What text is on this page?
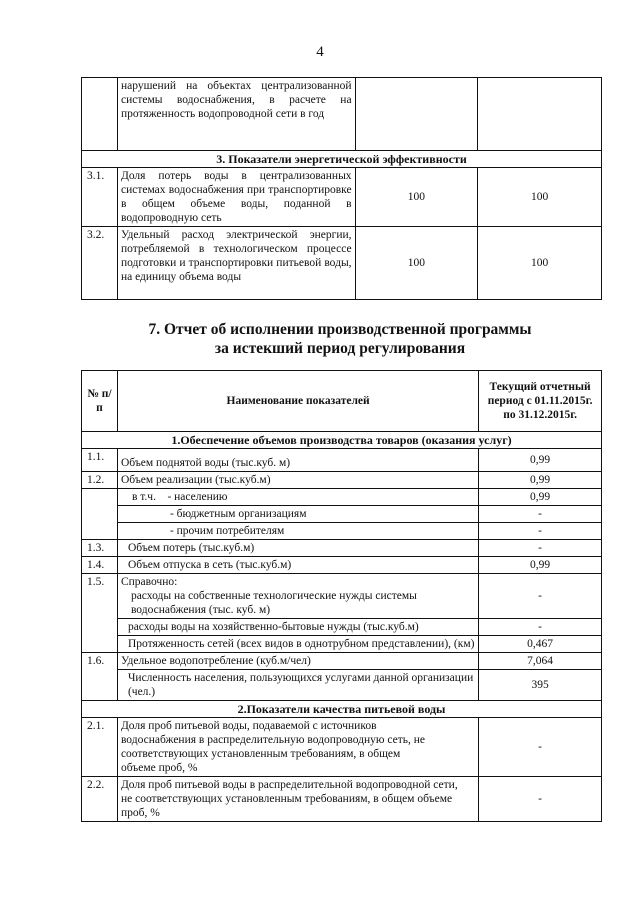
4
	нарушений на объектах централизованной системы водоснабжения, в расчете на протяженность водопроводной сети в год		
3. Показатели энергетической эффективности			
3.1.	Доля потерь воды в централизованных системах водоснабжения при транспортировке в общем объеме воды, поданной в водопроводную сеть	100	100
3.2.	Удельный расход электрической энергии, потребляемой в технологическом процессе подготовки и транспортировки питьевой воды, на единицу объема воды	100	100
7. Отчет об исполнении производственной программы
за истекший период регулирования
№ п/п	Наименование показателей	Текущий отчетный период с 01.11.2015г. по 31.12.2015г.
1.Обеспечение объемов производства товаров (оказания услуг)		
1.1.	Объем поднятой воды (тыс.куб. м)	0,99
1.2.	Объем реализации (тыс.куб.м)	0,99
	в т.ч.    - населению	0,99
	- бюджетным организациям	-
	- прочим потребителям	-
1.3.	Объем потерь (тыс.куб.м)	-
1.4.	Объем отпуска в сеть (тыс.куб.м)	0,99
1.5.	Справочно:
расходы на собственные технологические нужды системы водоснабжения (тыс. куб. м)	-
	расходы воды на хозяйственно-бытовые нужды (тыс.куб.м)	-
	Протяженность сетей (всех видов в однотрубном представлении), (км)	0,467
1.6.	Удельное водопотребление (куб.м/чел)	7,064
	Численность населения, пользующихся услугами данной организации (чел.)	395
2.Показатели качества питьевой воды		
2.1.	Доля проб питьевой воды, подаваемой с источников водоснабжения в распределительную водопроводную сеть, не соответствующих установленным требованиям, в общем объеме проб, %	-
2.2.	Доля проб питьевой воды в распределительной водопроводной сети, не соответствующих установленным требованиям, в общем объеме проб, %	-
